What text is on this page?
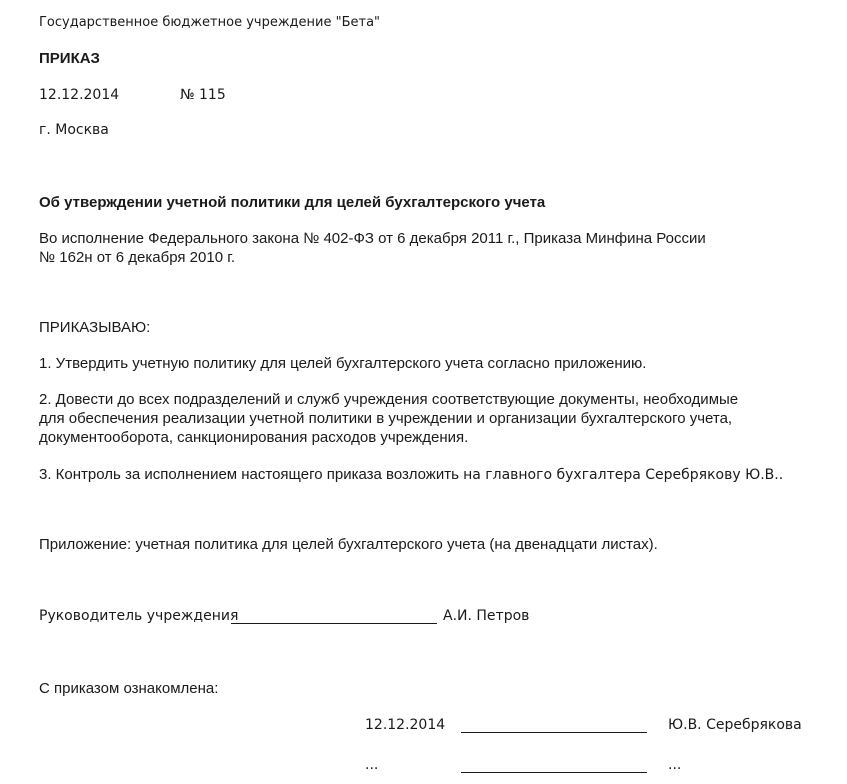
Государственное бюджетное учреждение "Бета"
ПРИКАЗ
12.12.2014	№ 115
г. Москва
Об утверждении учетной политики для целей бухгалтерского учета
Во исполнение Федерального закона № 402-ФЗ от 6 декабря 2011 г., Приказа Минфина России
№ 162н от 6 декабря 2010 г.
ПРИКАЗЫВАЮ:
1. Утвердить учетную политику для целей бухгалтерского учета согласно приложению.
2. Довести до всех подразделений и служб учреждения соответствующие документы, необходимые
для обеспечения реализации учетной политики в учреждении и организации бухгалтерского учета,
документооборота, санкционирования расходов учреждения.
3. Контроль за исполнением настоящего приказа возложить на главного бухгалтера Серебрякову Ю.В..
Приложение: учетная политика для целей бухгалтерского учета (на двенадцати листах).
Руководитель учреждения	А.И. Петров
С приказом ознакомлена:
12.12.2014	Ю.В. Серебрякова
...	...
